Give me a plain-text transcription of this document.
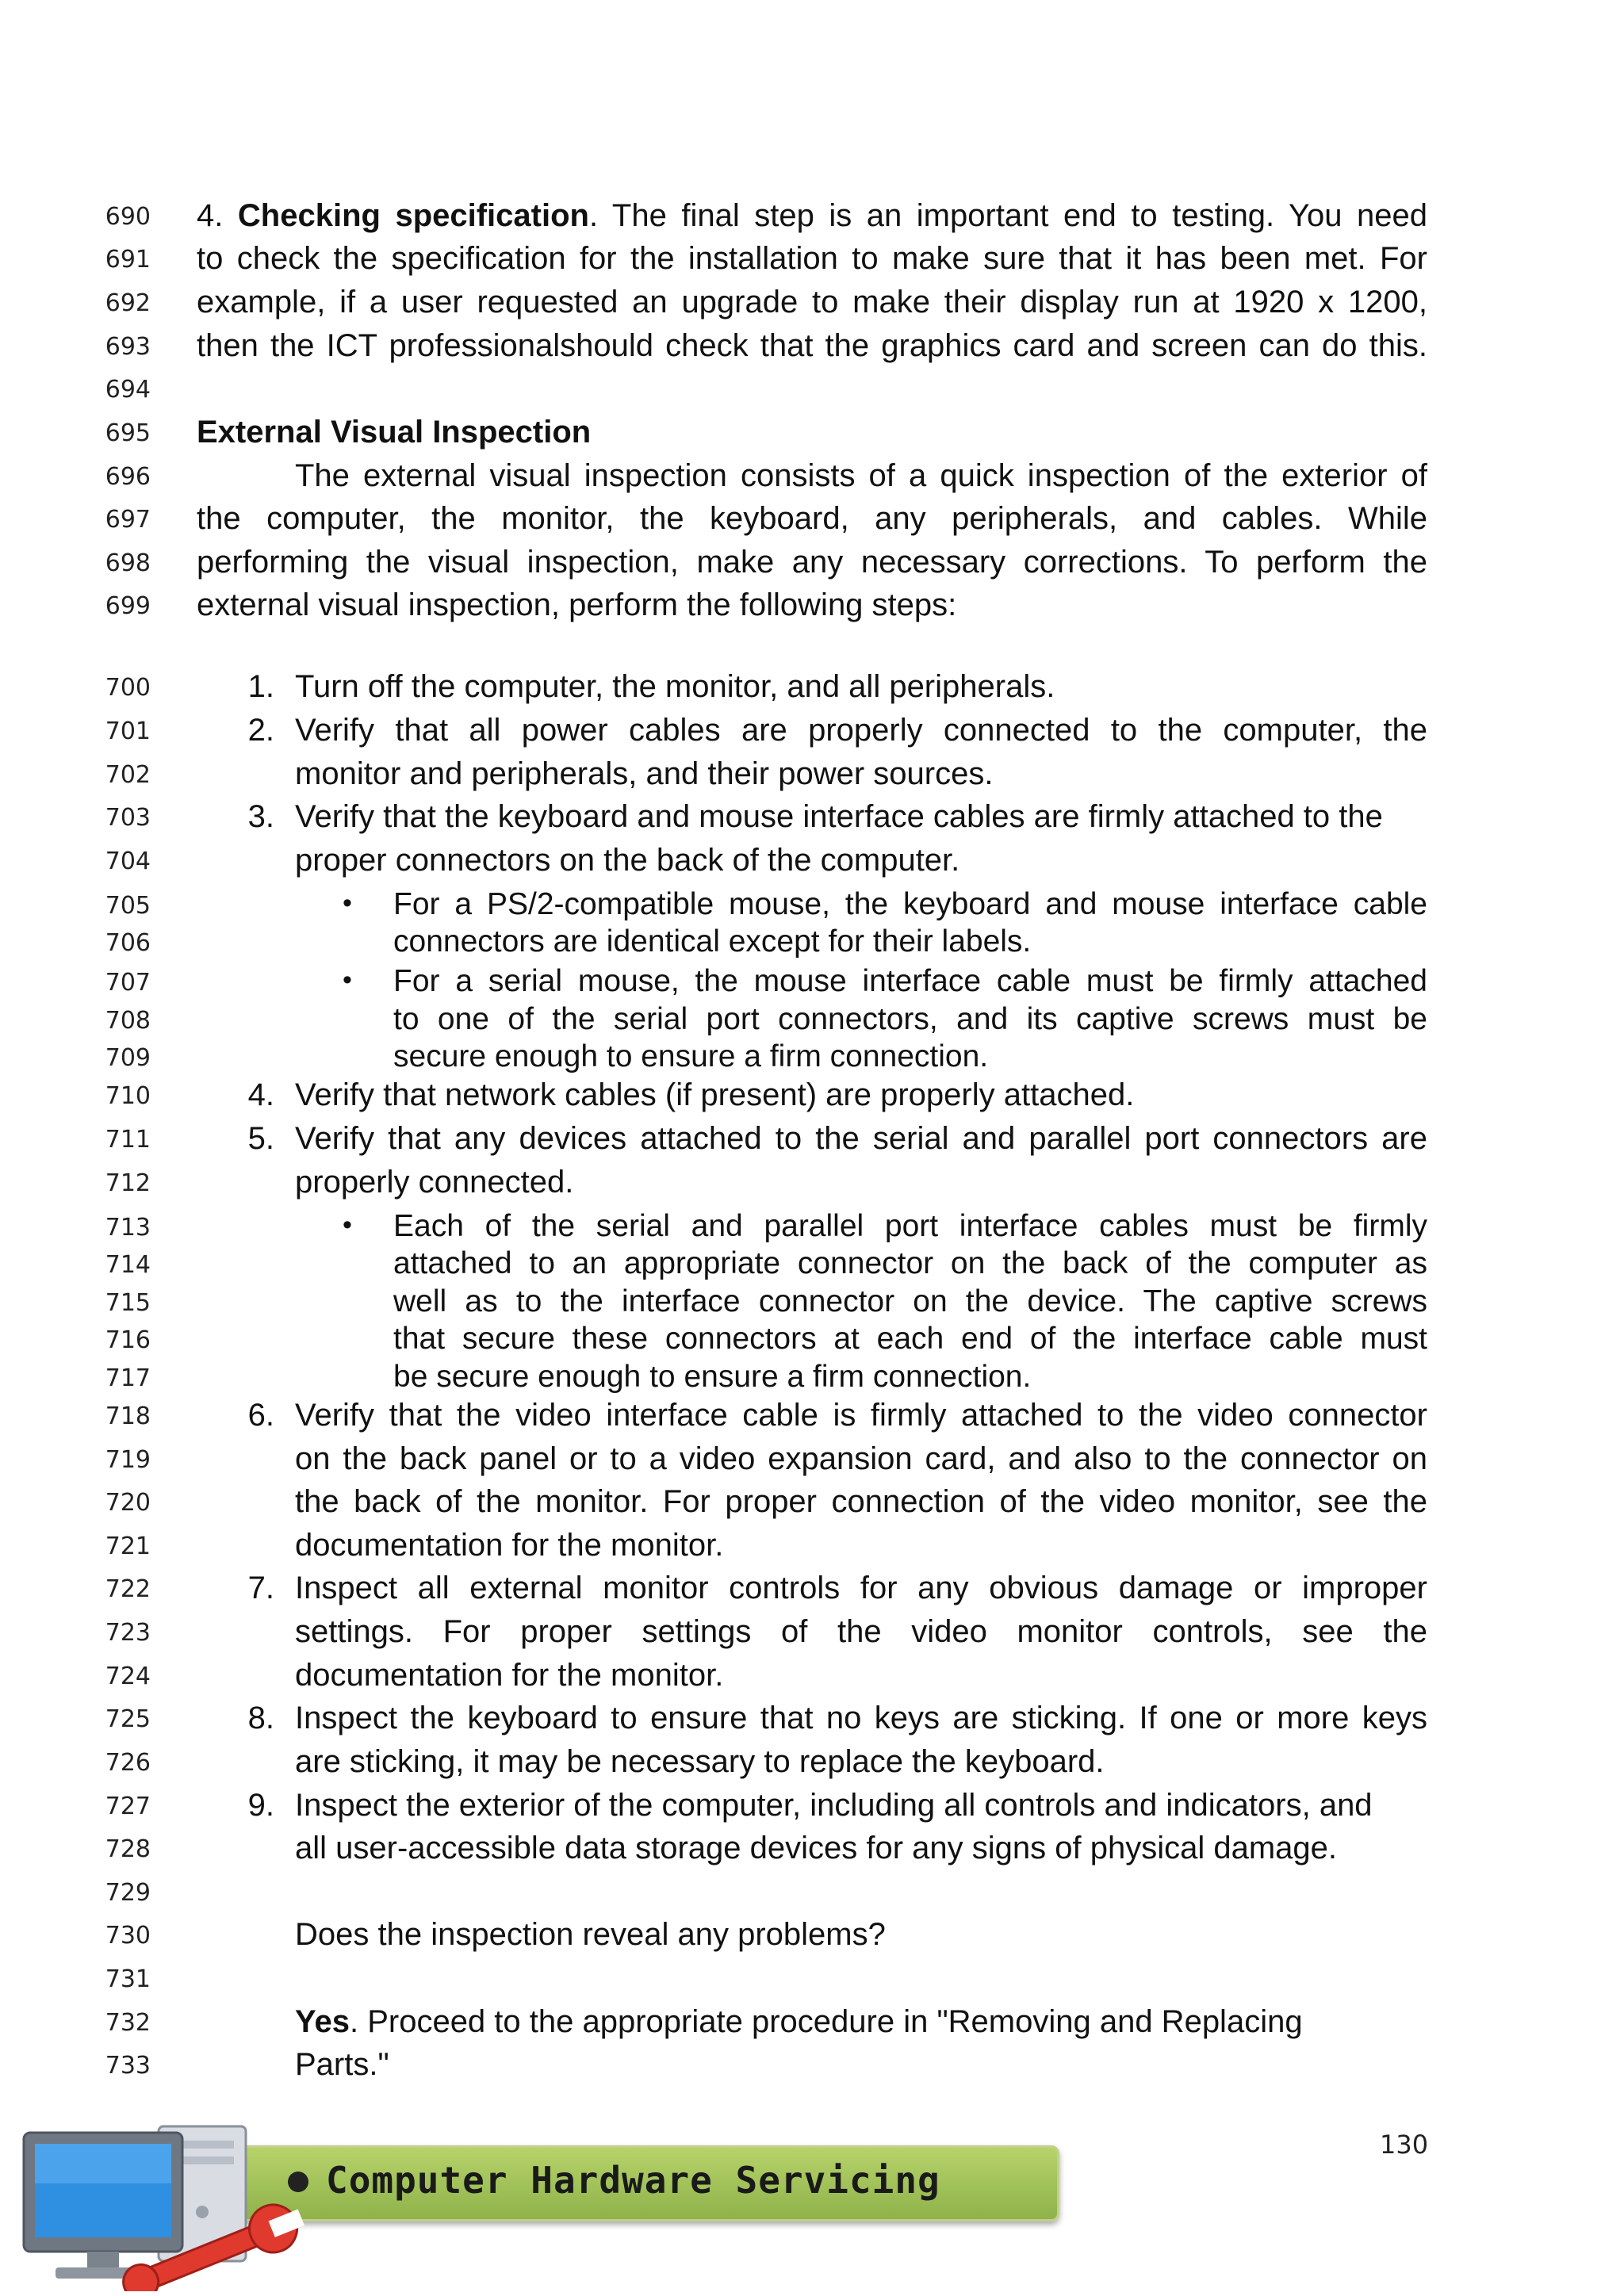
690
691
692
693
694
695
696
697
698
699
700
701
702
703
704
705
706
707
708
709
710
711
712
713
714
715
716
717
718
719
720
721
722
723
724
725
726
727
728
729
730
731
732
733
4. Checking specification. The final step is an important end to testing. You need
to check the specification for the installation to make sure that it has been met. For
example, if a user requested an upgrade to make their display run at 1920 x 1200,
then the ICT professionalshould check that the graphics card and screen can do this.
External Visual Inspection
The external visual inspection consists of a quick inspection of the exterior of
the computer, the monitor, the keyboard, any peripherals, and cables. While
performing the visual inspection, make any necessary corrections. To perform the
external visual inspection, perform the following steps:
1. Turn off the computer, the monitor, and all peripherals.
2. Verify that all power cables are properly connected to the computer, the
monitor and peripherals, and their power sources.
3. Verify that the keyboard and mouse interface cables are firmly attached to the
proper connectors on the back of the computer.
• For a PS/2-compatible mouse, the keyboard and mouse interface cable
connectors are identical except for their labels.
• For a serial mouse, the mouse interface cable must be firmly attached
to one of the serial port connectors, and its captive screws must be
secure enough to ensure a firm connection.
4. Verify that network cables (if present) are properly attached.
5. Verify that any devices attached to the serial and parallel port connectors are
properly connected.
• Each of the serial and parallel port interface cables must be firmly
attached to an appropriate connector on the back of the computer as
well as to the interface connector on the device. The captive screws
that secure these connectors at each end of the interface cable must
be secure enough to ensure a firm connection.
6. Verify that the video interface cable is firmly attached to the video connector
on the back panel or to a video expansion card, and also to the connector on
the back of the monitor. For proper connection of the video monitor, see the
documentation for the monitor.
7. Inspect all external monitor controls for any obvious damage or improper
settings. For proper settings of the video monitor controls, see the
documentation for the monitor.
8. Inspect the keyboard to ensure that no keys are sticking. If one or more keys
are sticking, it may be necessary to replace the keyboard.
9. Inspect the exterior of the computer, including all controls and indicators, and
all user-accessible data storage devices for any signs of physical damage.
Does the inspection reveal any problems?
Yes. Proceed to the appropriate procedure in "Removing and Replacing
Parts."
130
Computer Hardware Servicing
